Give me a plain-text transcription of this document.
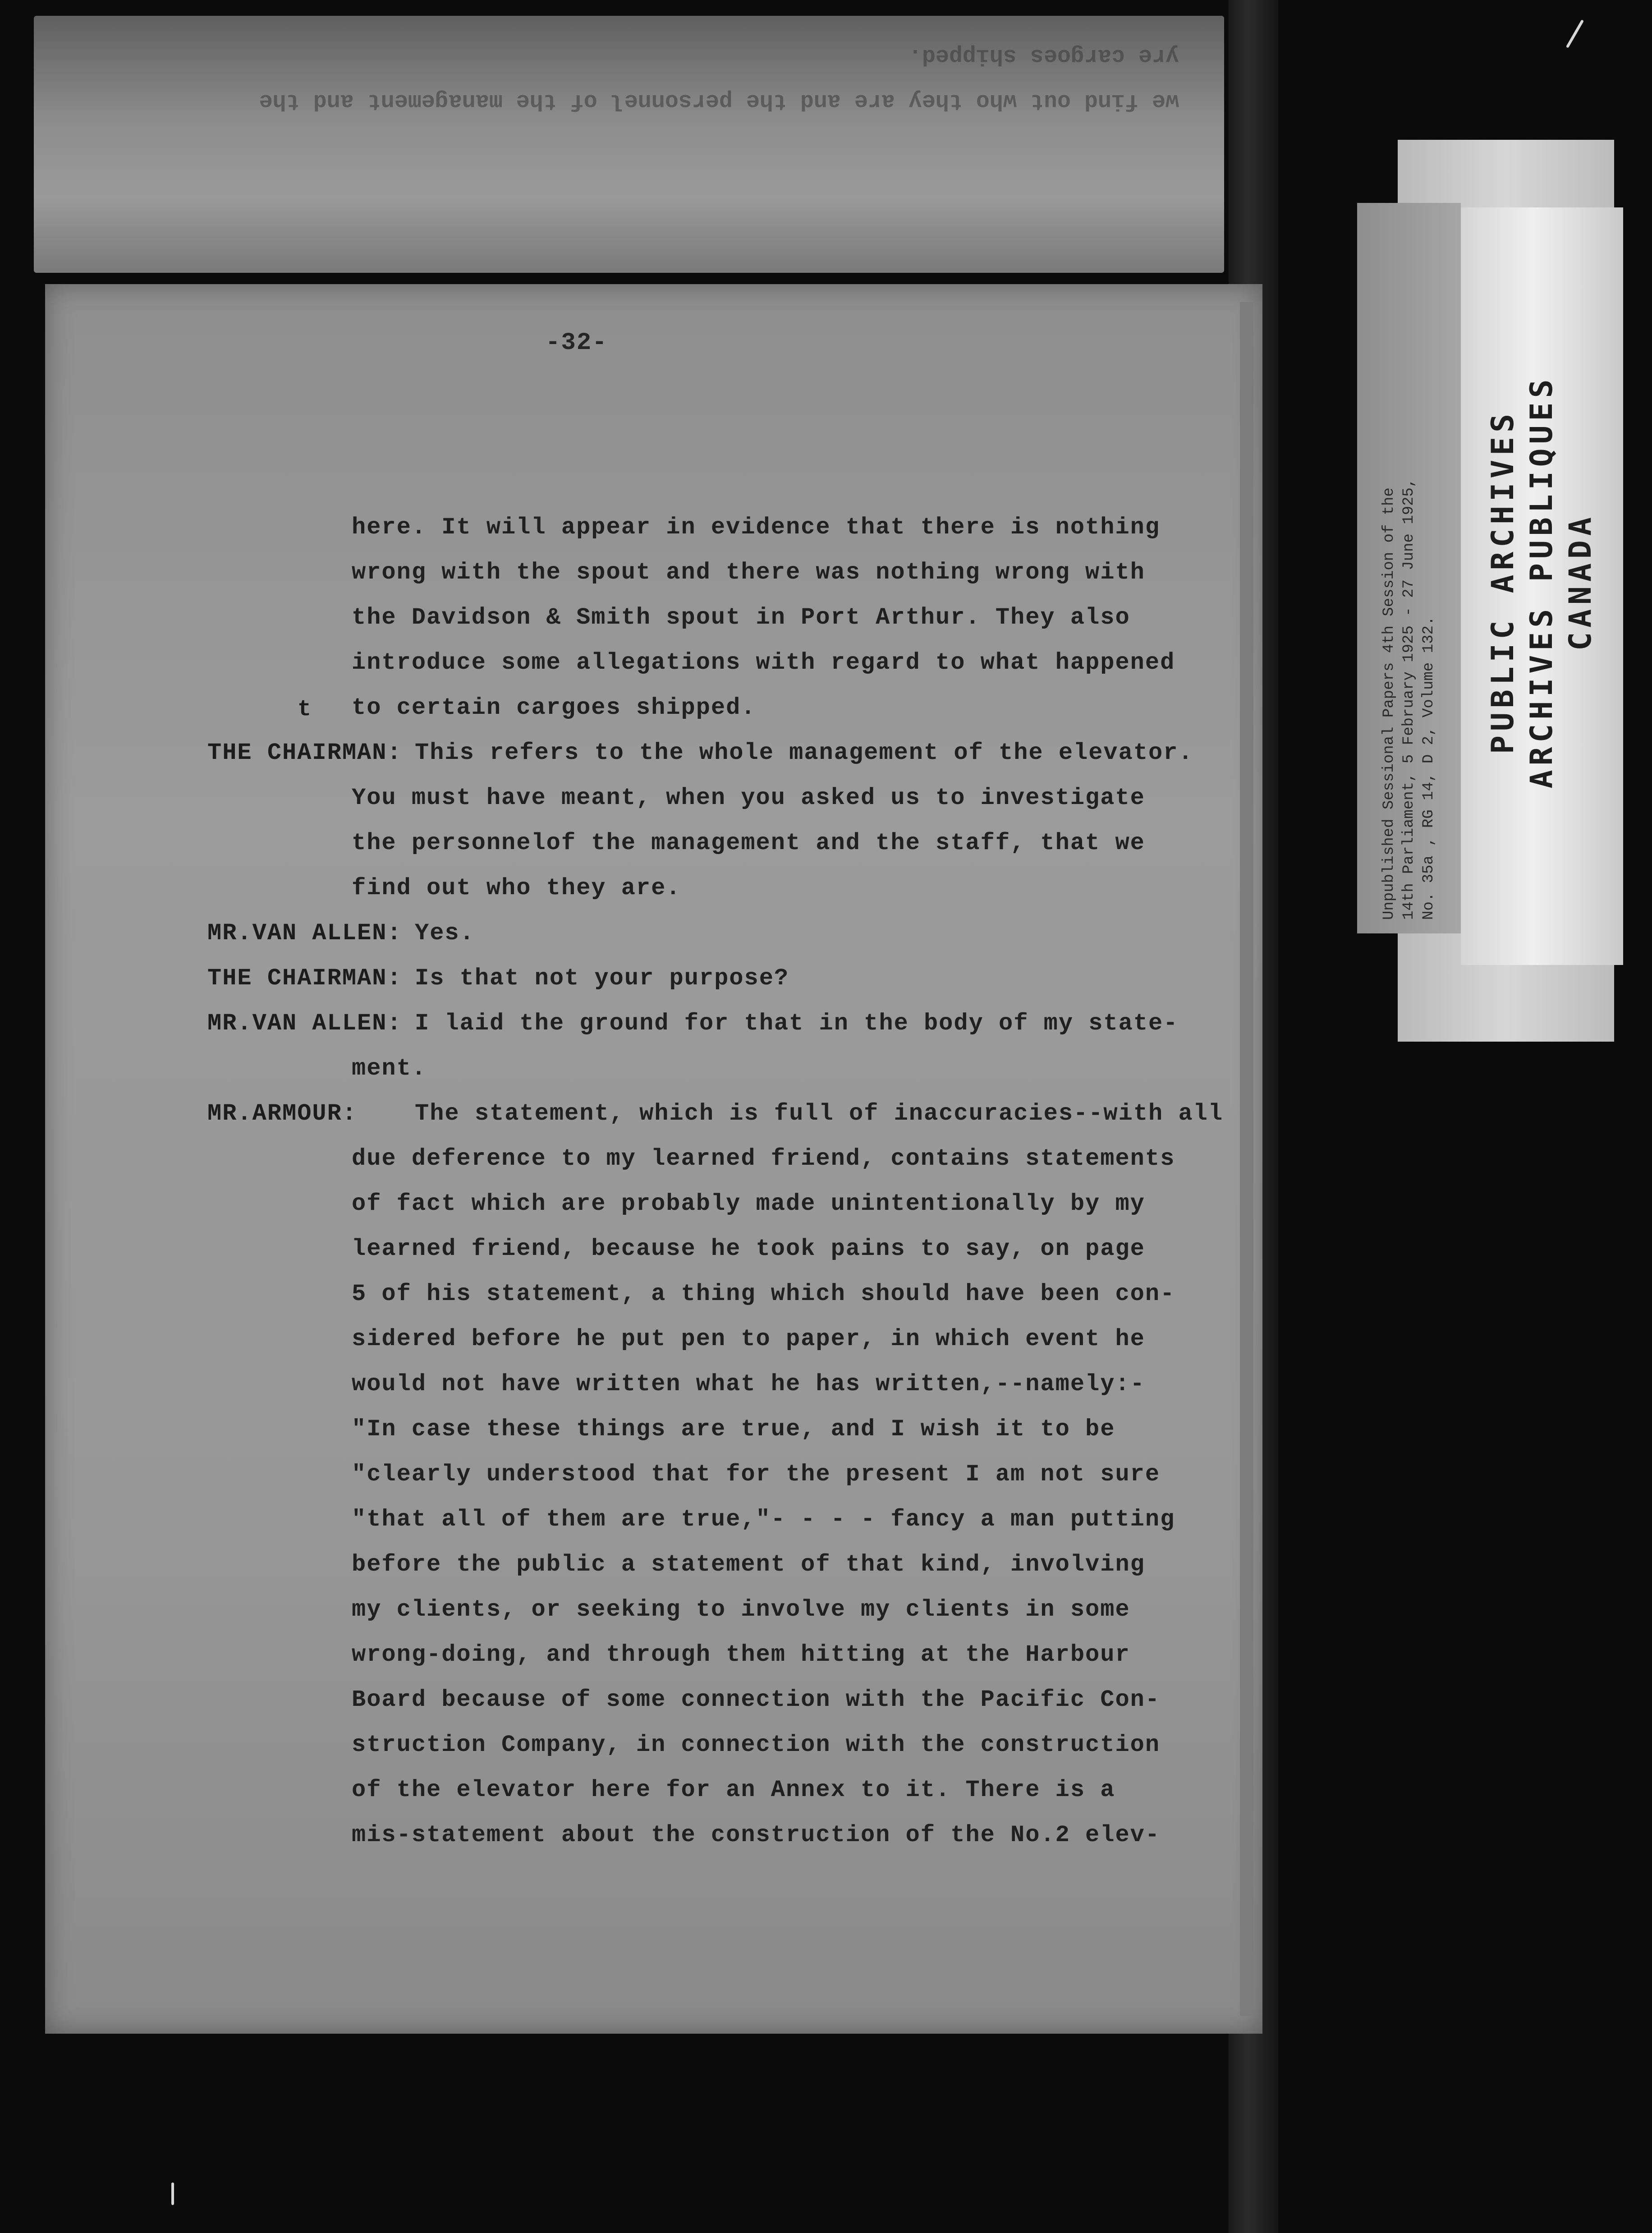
yre cargoes shipped.
we find out who they are and the personnel of the management and the
-32-
here. It will appear in evidence that there is nothing
wrong with the spout and there was nothing wrong with
the Davidson & Smith spout in Port Arthur. They also
introduce some allegations with regard to what happened
to certain cargoes shipped.
THE CHAIRMAN: This refers to the whole management of the elevator.
You must have meant, when you asked us to investigate
the personnelof the management and the staff, that we
find out who they are.
MR.VAN ALLEN: Yes.
THE CHAIRMAN: Is that not your purpose?
MR.VAN ALLEN: I laid the ground for that in the body of my state-
ment.
MR.ARMOUR: The statement, which is full of inaccuracies--with all
due deference to my learned friend, contains statements
of fact which are probably made unintentionally by my
learned friend, because he took pains to say, on page
5 of his statement, a thing which should have been con-
sidered before he put pen to paper, in which event he
would not have written what he has written,--namely:-
"In case these things are true, and I wish it to be
"clearly understood that for the present I am not sure
"that all of them are true,"- - - - fancy a man putting
before the public a statement of that kind, involving
my clients, or seeking to involve my clients in some
wrong-doing, and through them hitting at the Harbour
Board because of some connection with the Pacific Con-
struction Company, in connection with the construction
of the elevator here for an Annex to it. There is a
mis-statement about the construction of the No.2 elev-
t	Unpublished Sessional Papers 4th Session of the 14th Parliament, 5 February 1925 - 27 June 1925, No. 35a , RG 14, D 2, Volume 132.
PUBLIC ARCHIVES ARCHIVES PUBLIQUES CANADA
